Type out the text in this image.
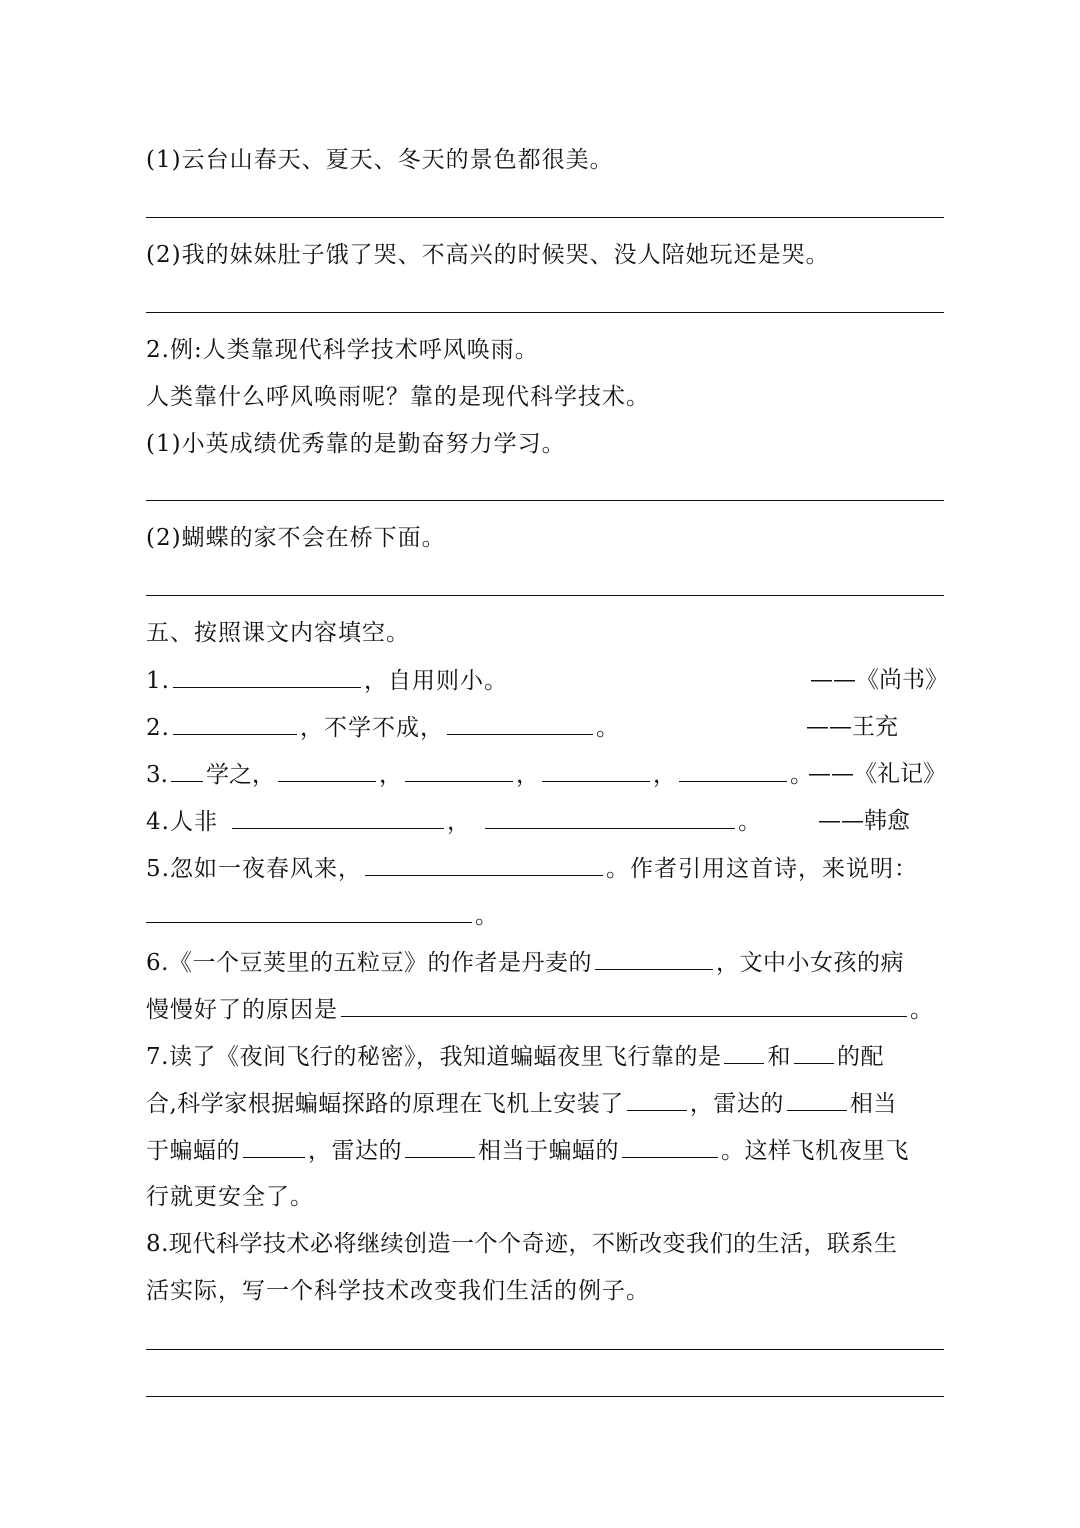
(1)云台山春天、夏天、冬天的景色都很美。
(2)我的妹妹肚子饿了哭、不高兴的时候哭、没人陪她玩还是哭。
2.例:人类靠现代科学技术呼风唤雨。
人类靠什么呼风唤雨呢？靠的是现代科学技术。
(1)小英成绩优秀靠的是勤奋努力学习。
(2)蝴蝶的家不会在桥下面。
五、按照课文内容填空。
1.	，自用则小。	——《尚书》
2.	，不学不成，	。	——王充
3. 学之，	，	，	，	。
——《礼记》
4.人非	，	。 ——韩愈
5.忽如一夜春风来，	。作者引用这首诗，来说明：
。
6.《一个豆荚里的五粒豆》的作者是丹麦的	，文中小女孩的病
慢慢好了的原因是	。
7.读了《夜间飞行的秘密》，我知道蝙蝠夜里飞行靠的是 和 的配
合,科学家根据蝙蝠探路的原理在飞机上安装了	，雷达的	相当
于蝙蝠的	，雷达的	相当于蝙蝠的	。这样飞机夜里飞
行就更安全了。
8.现代科学技术必将继续创造一个个奇迹，不断改变我们的生活，联系生
活实际，写一个科学技术改变我们生活的例子。
